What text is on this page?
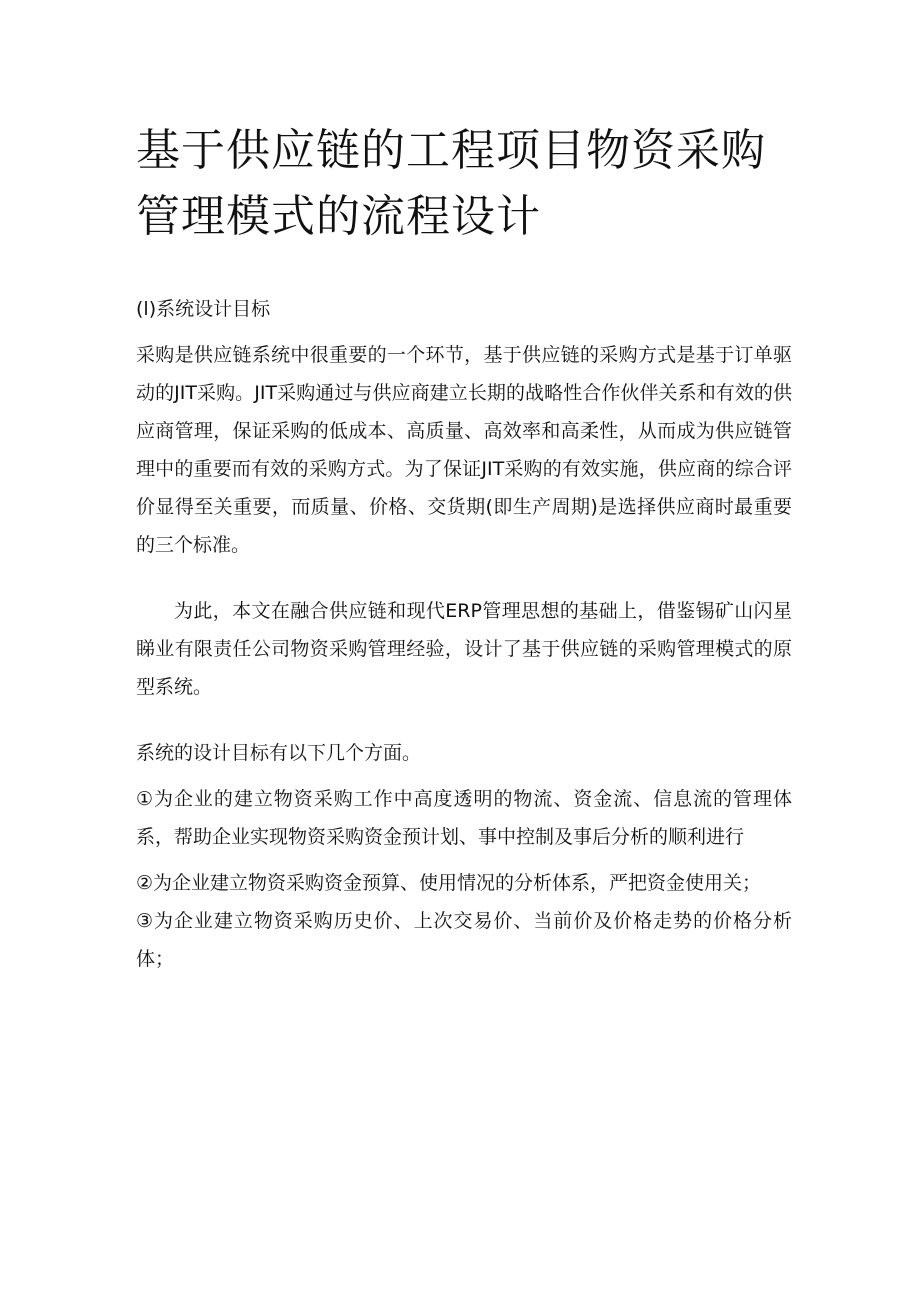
基于供应链的工程项目物资采购管理模式的流程设计

(l)系统设计目标

采购是供应链系统中很重要的一个环节，基于供应链的采购方式是基于订单驱动的JIT采购。JIT采购通过与供应商建立长期的战略性合作伙伴关系和有效的供应商管理，保证采购的低成本、高质量、高效率和高柔性，从而成为供应链管理中的重要而有效的采购方式。为了保证JIT采购的有效实施，供应商的综合评价显得至关重要，而质量、价格、交货期(即生产周期)是选择供应商时最重要的三个标准。

为此，本文在融合供应链和现代ERP管理思想的基础上，借鉴锡矿山闪星睇业有限责任公司物资采购管理经验，设计了基于供应链的采购管理模式的原型系统。

系统的设计目标有以下几个方面。

①为企业的建立物资采购工作中高度透明的物流、资金流、信息流的管理体系，帮助企业实现物资采购资金预计划、事中控制及事后分析的顺利进行

②为企业建立物资采购资金预算、使用情况的分析体系，严把资金使用关；

③为企业建立物资采购历史价、上次交易价、当前价及价格走势的价格分析体；
